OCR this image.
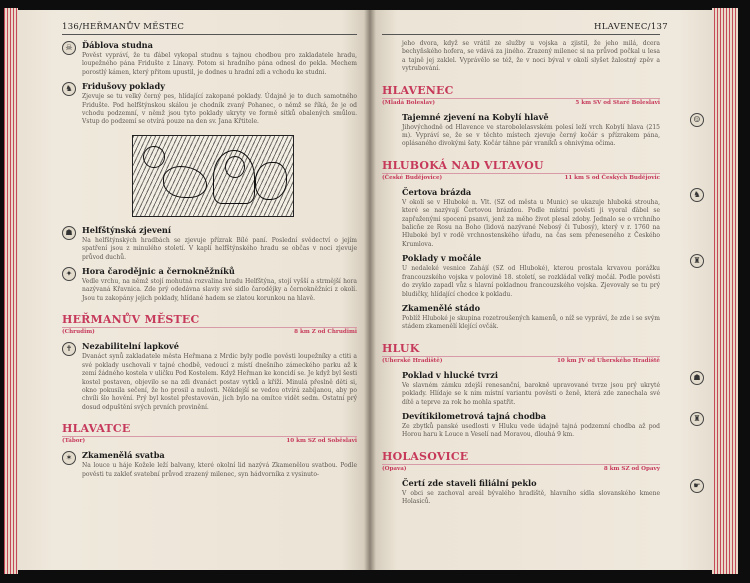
136/HEŘMANŮV MĚSTEC	HLAVENEC/137
☠	Ďáblova studna
Pověst vypráví, že tu ďábel vykopal studnu s tajnou chodbou pro zakladatele hradu, loupežného pána Fridušte z Linavy. Potom si hradního pána odnesl do pekla. Mechem porostlý kámen, který přitom upustil, je dodnes u hradní zdi a vchodu ke studni.
♞	Fridušovy poklady
Zjevuje se tu velký černý pes, hlídající zakopané poklady. Údajně je to duch samotného Fridušte. Pod helfštýnskou skálou je chodník zvaný Pohanec, o němž se říká, že je od vchodu podzemní, v němž jsou tyto poklady ukryty ve formě sítků obalených smůlou. Vstup do podzemí se otvírá pouze na den sv. Jana Křtitele.
☗	Helfštýnská zjevení
Na helfštýnských hradbách se zjevuje přízrak Bílé paní. Poslední svědectví o jejím spatření jsou z minulého století. V kaplí helfštýnského hradu se občas v noci zjevuje průvod duchů.
✦	Hora čarodějnic a černokněžníků
Vedle vrchu, na němž stojí mohutná rozvalina hradu Helfštýna, stojí vyšší a strmější hora nazývaná Křavnica. Zde prý odedávna slaviy své sidlo čarodějky a černokněžníci z okolí. Jsou tu zakopány jejich poklady, hlídané hadem se zlatou korunkou na hlavě.
HEŘMANŮV MĚSTEC
(Chrudim)	8 km Z od Chrudimi
✝	Nezabilitelní lapkové
Dvanáct synů zakladatele města Heřmana z Mrdic byly podle pověsti loupežníky a ctiti a své poklady uschovali v tajné chodbě, vedoucí z místí dnešního zámeckého parku až k zemí žádného kostela v uličku Pod Kostelem. Když Heřman ke koncidí se. Je když byl šesti kostel postaven, objevilo se na zdi dvanáct postav vytků a kříží. Minulá přeslně děti si, okno pokusila sečení, že ho prosil a nulosti. Někdejší se vedou otvírá zabíjanou, aby po chvíli šlo hovění. Prý byl kostel přestavován, jich bylo na omítce vidět sedm. Ostatní prý dosud odpuštění svých prvních provinění.
HLAVATCE
(Tábor)	10 km SZ od Soběslavi
✶	Zkamenělá svatba
Na louce u háje Kožele leží balvany, které okolní lid nazývá Zkamenělou svatbou. Podle pověsti tu zakleť svatební průvod zrazený milenec, syn hádvorníka z vysinuto-
jeho dvora, když se vrátil ze služby u vojska a zjistil, že jeho milá, dcera bechyňského hofera, se vdává za jiného. Zrazený milenec si na průvod počkal u lesa a tajně jej zaklel. Vyprávělo se též, že v noci býval v okolí slyšet žalostný zpěv a vytrubování.
HLAVENEC
(Mladá Boleslav)	5 km SV od Staré Boleslavi
☺
Tajemné zjevení na Kobylí hlavě
Jihovýchodně od Hlavence ve starobolelasvském polesí leží vrch Kobylí hlava (215 m). Vypráví se, že se v těchto místech zjevuje černý kočár s přízrakem pána, oplásaného divokými šaty. Kočár táhne pár vraníků s ohnivýma očima.
HLUBOKÁ NAD VLTAVOU
(České Budějovice)	11 km S od Českých Budějovic
♞
Čertova brázda
V okolí se v Hluboké n. Vlt. (SZ od města u Munic) se ukazuje hluboká strouha, které se nazývají Čertovou brázdou. Podle místní pověsti ji vyoral ďábel se zapřaženými spoceni psanvi, jenž za měho život plesal zdoby. Jednalo se o vrchního balicňe ze Rosu na Boho (lidová nazývané Nebosý či Tubosý), který v r. 1760 na Hluboké byl v rodě vrchnostenského úřadu, na čas sem přeneseného z Českého Krumlova.
♜
Poklady v močále
U nedaleké vesnice Zahájí (SZ od Hluboké), kterou prostala krvavou porážku francouzského vojska v polovině 18. století, se rozkládal velký močál. Podle pověsti do zvyklo zapadl vůz s hlavní pokladnou francouzského vojska. Zjevovaly se tu prý bludičky, hlídající chodce k pokladu.
Zkamenělé stádo
Poblíž Hluboké je skupina rozetroušených kamenů, o níž se vypráví, že zde i se svým stádem zkamenělí klející ovčák.
HLUK
(Uherské Hradiště)	10 km JV od Uherského Hradiště
☗
Poklad v hlucké tvrzi
Ve slavném zámku zdejší renesanční, barokně upravované tvrze jsou prý ukryté poklady. Hlídaje se k nim místní variantu pověsti o ženě, která zde zanechala své dítě a teprve za rok ho mohla spatřit.
♜
Devítikilometrová tajná chodba
Ze zbytků panské usedlosti v Hluku vede údajně tajná podzemní chodba až pod Horou haru k Louce n Veselí nad Moravou, dlouhá 9 km.
HOLASOVICE
(Opava)	8 km SZ od Opavy
☛
Čertí zde staveli filiální peklo
V obci se zachoval areál bývalého hradiště, hlavního sídla slovanského kmene Holasiců.
